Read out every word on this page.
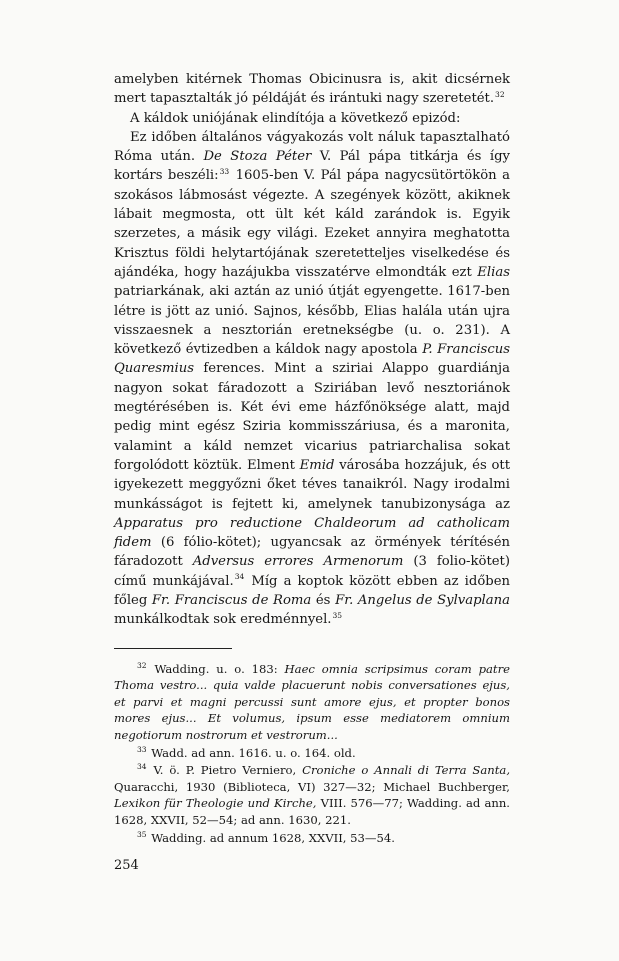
amelyben kitérnek Thomas Obicinusra is, akit dicsérnek mert tapasztalták jó példáját és irántuki nagy szeretetét.$^{32}$

A káldok uniójának elindítója a következő epizód:

Ez időben általános vágyakozás volt náluk tapasztalható Róma után. De Stoza Péter V. Pál pápa titkárja és így kortárs beszéli:$^{33}$ 1605-ben V. Pál pápa nagycsütörtökön a szokásos lábmosást végezte. A szegények között, akiknek lábait megmosta, ott ült két káld zarándok is. Egyik szerzetes, a másik egy világi. Ezeket annyira meghatotta Krisztus földi helytartójának szeretetteljes viselkedése és ajándéka, hogy hazájukba visszatérve elmondták ezt Elias patriarkának, aki aztán az unió útját egyengette. 1617-ben létre is jött az unió. Sajnos, később, Elias halála után ujra visszaesnek a nesztorián eretnekségbe (u. o. 231). A következő évtizedben a káldok nagy apostola P. Franciscus Quaresmius ferences. Mint a sziriai Alappo guardiánja nagyon sokat fáradozott a Sziriában levő nesztoriánok megtérésében is. Két évi eme házfőnöksége alatt, majd pedig mint egész Sziria kommisszáriusa, és a maronita, valamint a káld nemzet vicarius patriarchalisa sokat forgolódott köztük. Elment Emid városába hozzájuk, és ott igyekezett meggyőzni őket téves tanaikról. Nagy irodalmi munkásságot is fejtett ki, amelynek tanubizonysága az Apparatus pro reductione Chaldeorum ad catholicam fidem (6 fólio-kötet); ugyancsak az örmények térítésén fáradozott Adversus errores Armenorum (3 folio-kötet) című munkájával.$^{34}$ Míg a koptok között ebben az időben főleg Fr. Franciscus de Roma és Fr. Angelus de Sylvaplana munkálkodtak sok eredménnyel.$^{35}$

$^{32}$ Wadding. u. o. 183: Haec omnia scripsimus coram patre Thoma vestro... quia valde placuerunt nobis conversationes ejus, et parvi et magni percussi sunt amore ejus, et propter bonos mores ejus... Et volumus, ipsum esse mediatorem omnium negotiorum nostrorum et vestrorum...

$^{33}$ Wadd. ad ann. 1616. u. o. 164. old.

$^{34}$ V. ö. P. Pietro Verniero, Croniche o Annali di Terra Santa, Quaracchi, 1930 (Biblioteca, VI) 327—32; Michael Buchberger, Lexikon für Theologie und Kirche, VIII. 576—77; Wadding. ad ann. 1628, XXVII, 52—54; ad ann. 1630, 221.

$^{35}$ Wadding. ad annum 1628, XXVII, 53—54.

254
